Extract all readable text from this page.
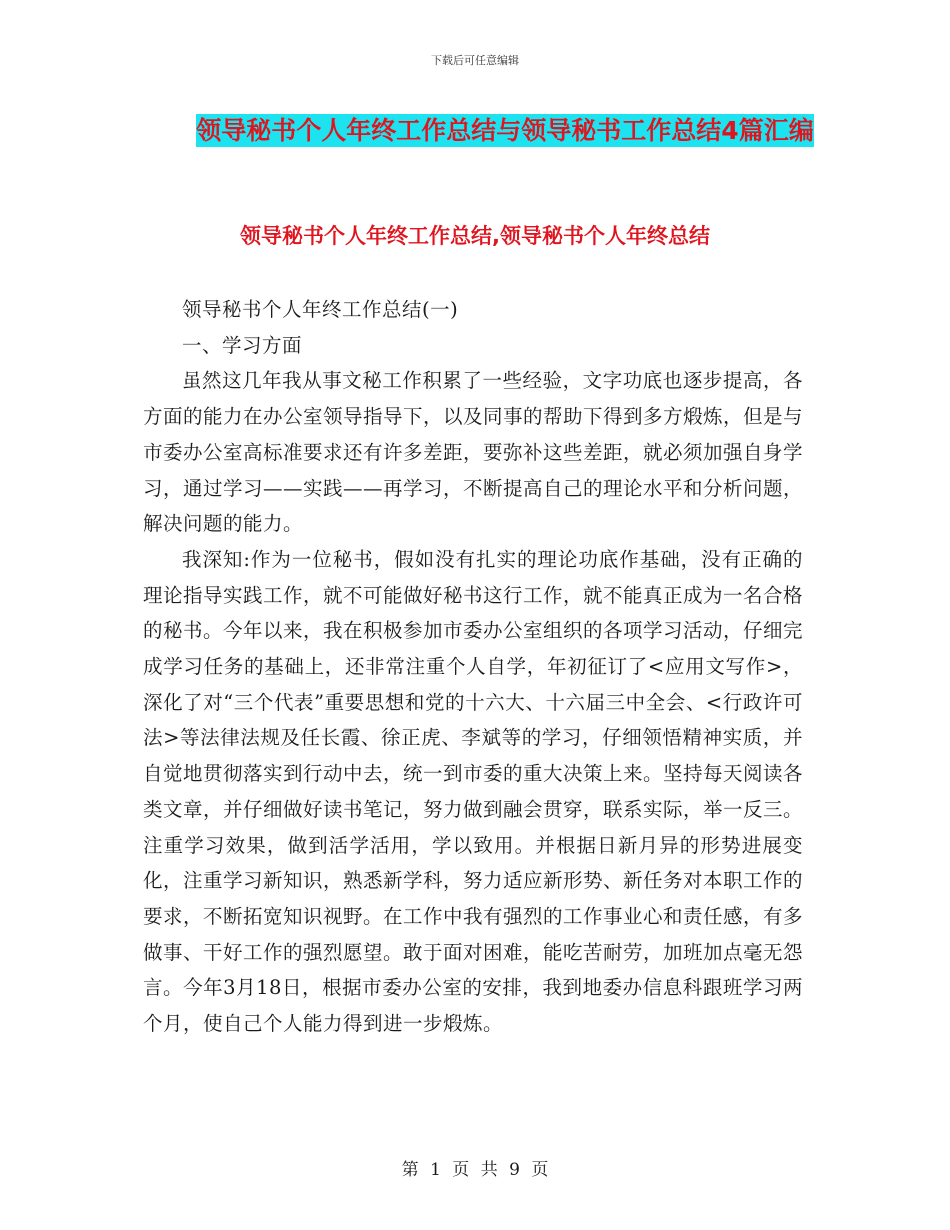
下载后可任意编辑
领导秘书个人年终工作总结与领导秘书工作总结4篇汇编
领导秘书个人年终工作总结,领导秘书个人年终总结

领导秘书个人年终工作总结(一)

一、学习方面

虽然这几年我从事文秘工作积累了一些经验，文字功底也逐步提高，各方面的能力在办公室领导指导下，以及同事的帮助下得到多方煅炼，但是与市委办公室高标准要求还有许多差距，要弥补这些差距，就必须加强自身学习，通过学习——实践——再学习，不断提高自己的理论水平和分析问题，解决问题的能力。

我深知:作为一位秘书，假如没有扎实的理论功底作基础，没有正确的理论指导实践工作，就不可能做好秘书这行工作，就不能真正成为一名合格的秘书。今年以来，我在积极参加市委办公室组织的各项学习活动，仔细完成学习任务的基础上，还非常注重个人自学，年初征订了<应用文写作>，深化了对“三个代表”重要思想和党的十六大、十六届三中全会、<行政许可法>等法律法规及任长霞、徐正虎、李斌等的学习，仔细领悟精神实质，并自觉地贯彻落实到行动中去，统一到市委的重大决策上来。坚持每天阅读各类文章，并仔细做好读书笔记，努力做到融会贯穿，联系实际，举一反三。注重学习效果，做到活学活用，学以致用。并根据日新月异的形势进展变化，注重学习新知识，熟悉新学科，努力适应新形势、新任务对本职工作的要求，不断拓宽知识视野。在工作中我有强烈的工作事业心和责任感，有多做事、干好工作的强烈愿望。敢于面对困难，能吃苦耐劳，加班加点毫无怨言。今年3月18日，根据市委办公室的安排，我到地委办信息科跟班学习两个月，使自己个人能力得到进一步煅炼。

第 1 页 共 9 页
